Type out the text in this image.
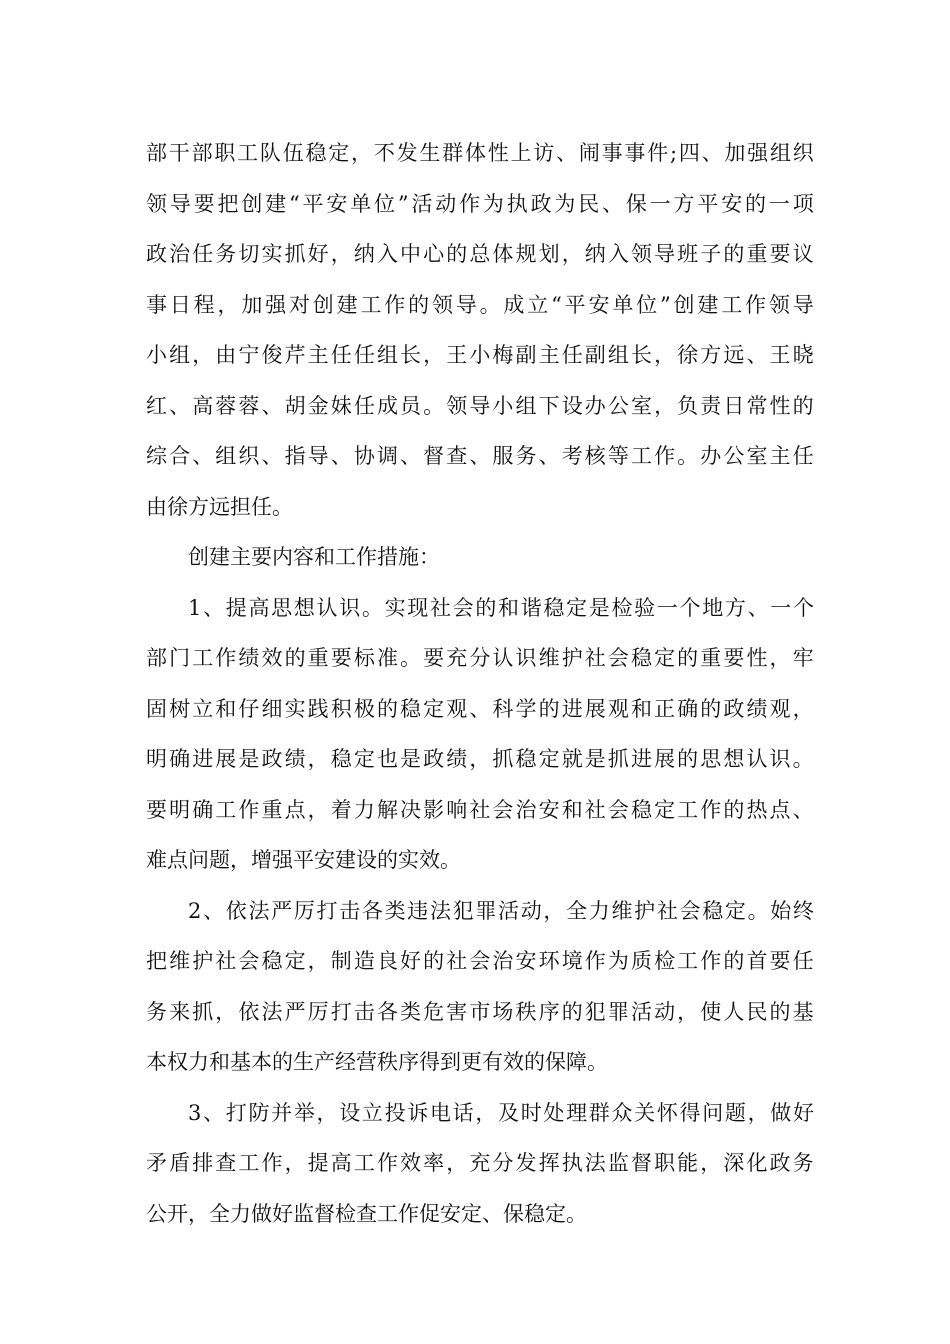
部 干 部 职 工 队 伍 稳 定 ， 不 发 生 群 体 性 上 访 、 闹 事 事 件 ; 四 、 加 强 组 织
领 导 要 把 创 建 “ 平 安 单 位 ” 活 动 作 为 执 政 为 民 、 保 一 方 平 安 的 一 项
政 治 任 务 切 实 抓 好 ， 纳 入 中 心 的 总 体 规 划 ， 纳 入 领 导 班 子 的 重 要 议
事 日 程 ， 加 强 对 创 建 工 作 的 领 导 。 成 立 “ 平 安 单 位 ” 创 建 工 作 领 导
小 组 ， 由 宁 俊 芹 主 任 任 组 长 ， 王 小 梅 副 主 任 副 组 长 ， 徐 方 远 、 王 晓
红 、 高 蓉 蓉 、 胡 金 妹 任 成 员 。 领 导 小 组 下 设 办 公 室 ， 负 责 日 常 性 的
综 合 、 组 织 、 指 导 、 协 调 、 督 查 、 服 务 、 考 核 等 工 作 。 办 公 室 主 任
由徐方远担任。
创建主要内容和工作措施：
1 、 提 高 思 想 认 识 。 实 现 社 会 的 和 谐 稳 定 是 检 验 一 个 地 方 、 一 个
部 门 工 作 绩 效 的 重 要 标 准 。 要 充 分 认 识 维 护 社 会 稳 定 的 重 要 性 ， 牢
固 树 立 和 仔 细 实 践 积 极 的 稳 定 观 、 科 学 的 进 展 观 和 正 确 的 政 绩 观 ，
明 确 进 展 是 政 绩 ， 稳 定 也 是 政 绩 ， 抓 稳 定 就 是 抓 进 展 的 思 想 认 识 。
要 明 确 工 作 重 点 ， 着 力 解 决 影 响 社 会 治 安 和 社 会 稳 定 工 作 的 热 点 、
难点问题，增强平安建设的实效。
2 、 依 法 严 厉 打 击 各 类 违 法 犯 罪 活 动 ， 全 力 维 护 社 会 稳 定 。 始 终
把 维 护 社 会 稳 定 ， 制 造 良 好 的 社 会 治 安 环 境 作 为 质 检 工 作 的 首 要 任
务 来 抓 ， 依 法 严 厉 打 击 各 类 危 害 市 场 秩 序 的 犯 罪 活 动 ， 使 人 民 的 基
本权力和基本的生产经营秩序得到更有效的保障。
3 、 打 防 并 举 ， 设 立 投 诉 电 话 ， 及 时 处 理 群 众 关 怀 得 问 题 ， 做 好
矛 盾 排 查 工 作 ， 提 高 工 作 效 率 ， 充 分 发 挥 执 法 监 督 职 能 ， 深 化 政 务
公开，全力做好监督检查工作促安定、保稳定。
